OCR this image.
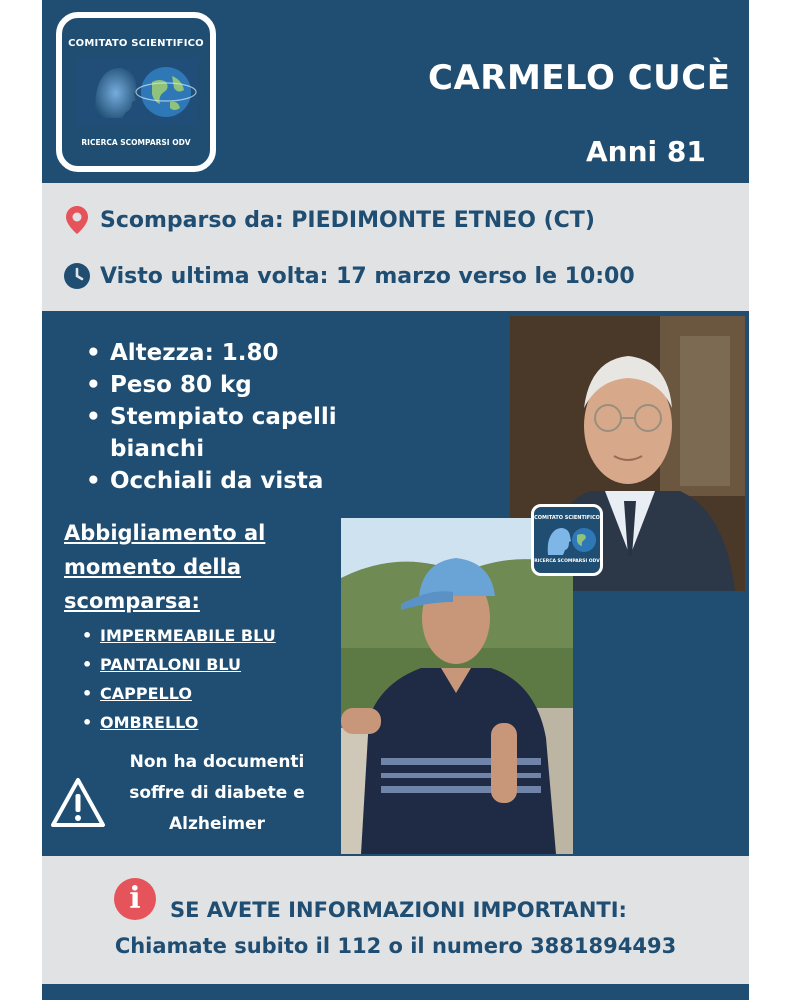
COMITATO SCIENTIFICO
RICERCA SCOMPARSI ODV
CARMELO CUCÈ
Anni 81
Scomparso da: PIEDIMONTE ETNEO (CT)
Visto ultima volta: 17 marzo verso le 10:00
• Altezza: 1.80
• Peso 80 kg
• Stempiato capelli bianchi
• Occhiali da vista
Abbigliamento al momento della scomparsa:
• IMPERMEABILE BLU
• PANTALONI BLU
• CAPPELLO
• OMBRELLO
Non ha documenti soffre di diabete e Alzheimer
COMITATO SCIENTIFICO
RICERCA SCOMPARSI ODV
i	SE AVETE INFORMAZIONI IMPORTANTI:
Chiamate subito il 112 o il numero 3881894493
